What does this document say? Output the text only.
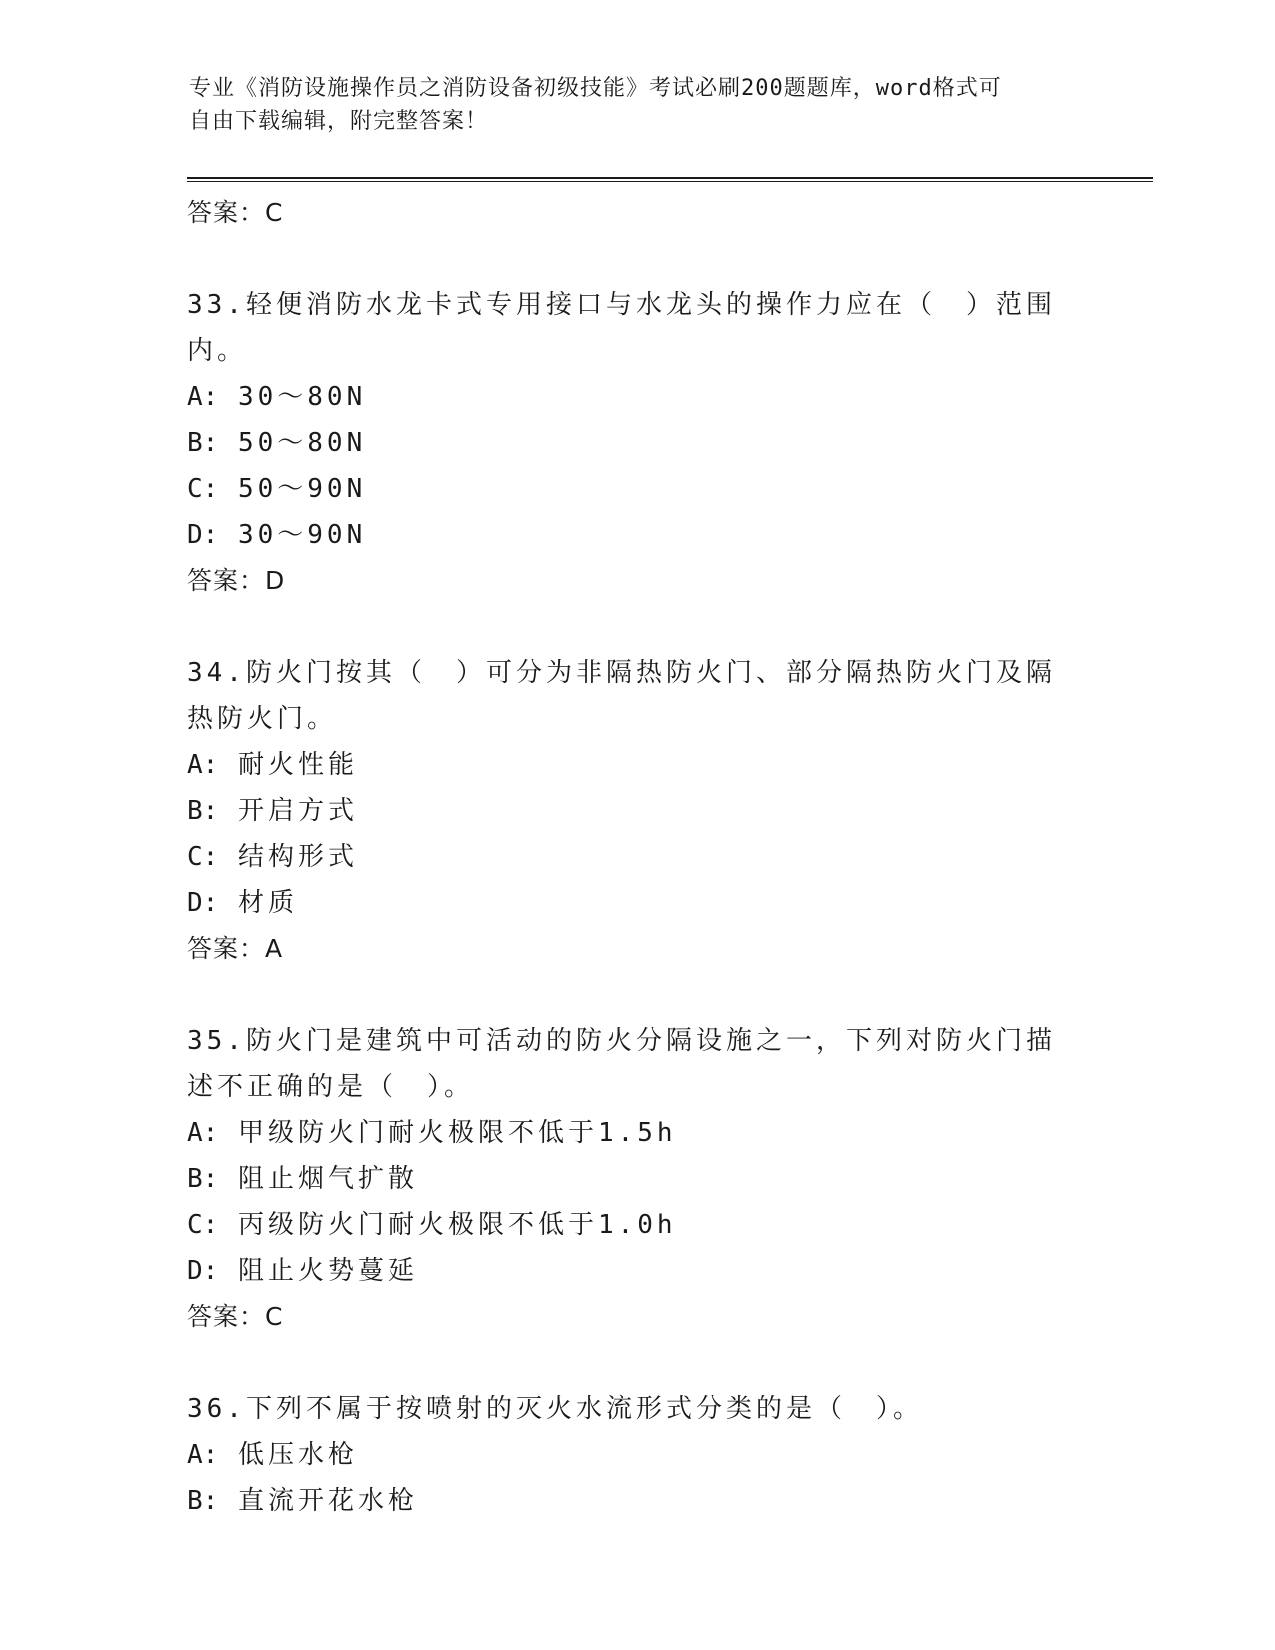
专业《消防设施操作员之消防设备初级技能》考试必刷200题题库，word格式可
自由下载编辑，附完整答案！
答案：C
33.轻便消防水龙卡式专用接口与水龙头的操作力应在（　）范围内。
A: 30～80N
B: 50～80N
C: 50～90N
D: 30～90N
答案：D
34.防火门按其（　）可分为非隔热防火门、部分隔热防火门及隔热防火门。
A: 耐火性能
B: 开启方式
C: 结构形式
D: 材质
答案：A
35.防火门是建筑中可活动的防火分隔设施之一，下列对防火门描述不正确的是（　）。
A: 甲级防火门耐火极限不低于1.5h
B: 阻止烟气扩散
C: 丙级防火门耐火极限不低于1.0h
D: 阻止火势蔓延
答案：C
36.下列不属于按喷射的灭火水流形式分类的是（　）。
A: 低压水枪
B: 直流开花水枪
